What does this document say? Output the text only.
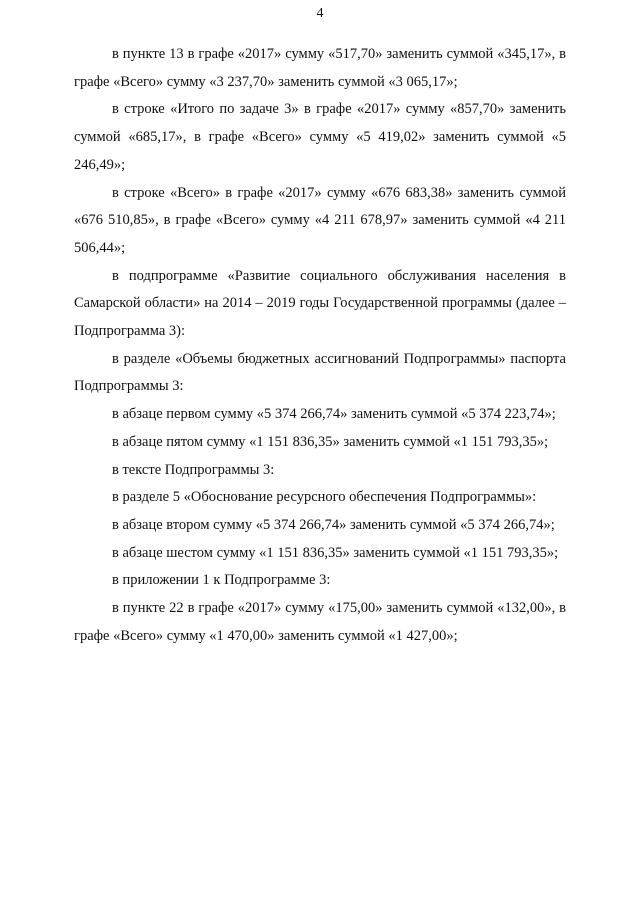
4

в пункте 13 в графе «2017» сумму «517,70» заменить суммой «345,17», в графе «Всего» сумму «3 237,70» заменить суммой «3 065,17»;

в строке «Итого по задаче 3» в графе «2017» сумму «857,70» заменить суммой «685,17», в графе «Всего» сумму «5 419,02» заменить суммой «5 246,49»;

в строке «Всего» в графе «2017» сумму «676 683,38» заменить суммой «676 510,85», в графе «Всего» сумму «4 211 678,97» заменить суммой «4 211 506,44»;

в подпрограмме «Развитие социального обслуживания населения в Самарской области» на 2014 – 2019 годы Государственной программы (далее – Подпрограмма 3):

в разделе «Объемы бюджетных ассигнований Подпрограммы» паспорта Подпрограммы 3:

в абзаце первом сумму «5 374 266,74» заменить суммой «5 374 223,74»;

в абзаце пятом сумму «1 151 836,35» заменить суммой «1 151 793,35»;

в тексте Подпрограммы 3:

в разделе 5 «Обоснование ресурсного обеспечения Подпрограммы»:

в абзаце втором сумму «5 374 266,74» заменить суммой «5 374 266,74»;

в абзаце шестом сумму «1 151 836,35» заменить суммой «1 151 793,35»;

в приложении 1 к Подпрограмме 3:

в пункте 22 в графе «2017» сумму «175,00» заменить суммой «132,00», в графе «Всего» сумму «1 470,00» заменить суммой «1 427,00»;
